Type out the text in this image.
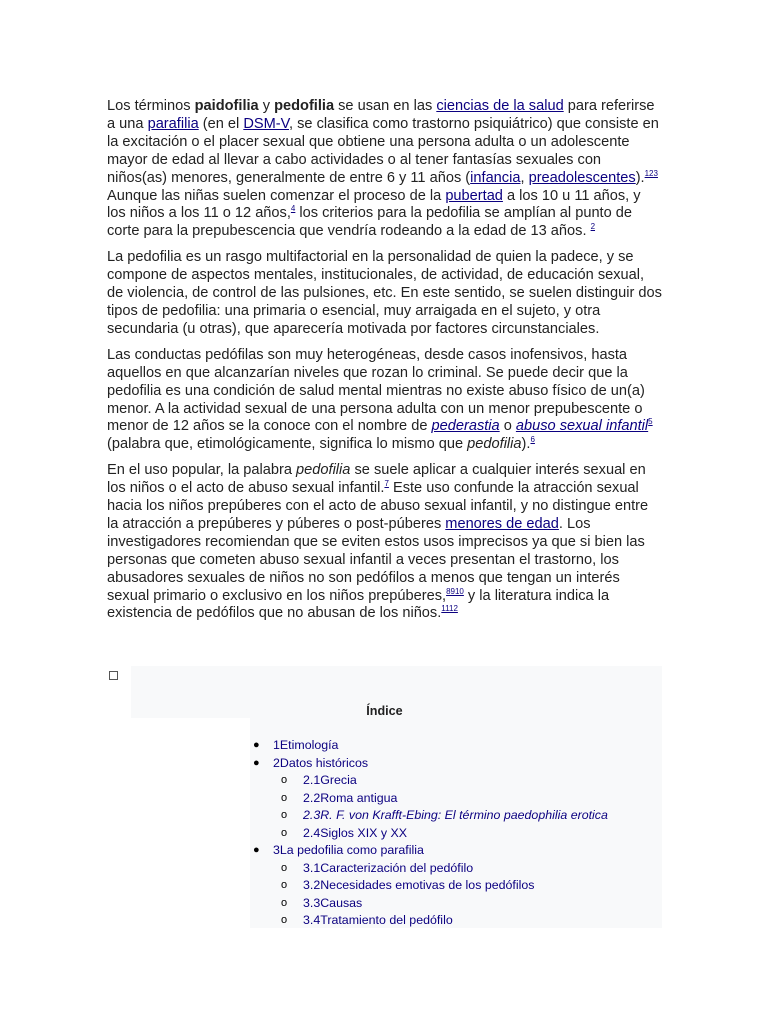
Los términos paidofilia y pedofilia se usan en las ciencias de la salud para referirse a una parafilia (en el DSM-V, se clasifica como trastorno psiquiátrico) que consiste en la excitación o el placer sexual que obtiene una persona adulta o un adolescente mayor de edad al llevar a cabo actividades o al tener fantasías sexuales con niños(as) menores, generalmente de entre 6 y 11 años (infancia, preadolescentes).$^{123}$ Aunque las niñas suelen comenzar el proceso de la pubertad a los 10 u 11 años, y los niños a los 11 o 12 años,$^4$ los criterios para la pedofilia se amplían al punto de corte para la prepubescencia que vendría rodeando a la edad de 13 años. $^2$

La pedofilia es un rasgo multifactorial en la personalidad de quien la padece, y se compone de aspectos mentales, institucionales, de actividad, de educación sexual, de violencia, de control de las pulsiones, etc. En este sentido, se suelen distinguir dos tipos de pedofilia: una primaria o esencial, muy arraigada en el sujeto, y otra secundaria (u otras), que aparecería motivada por factores circunstanciales.

Las conductas pedófilas son muy heterogéneas, desde casos inofensivos, hasta aquellos en que alcanzarían niveles que rozan lo criminal. Se puede decir que la pedofilia es una condición de salud mental mientras no existe abuso físico de un(a) menor. A la actividad sexual de una persona adulta con un menor prepubescente o menor de 12 años se la conoce con el nombre de pederastia o abuso sexual infantil$^5$ (palabra que, etimológicamente, significa lo mismo que pedofilia).$^6$

En el uso popular, la palabra pedofilia se suele aplicar a cualquier interés sexual en los niños o el acto de abuso sexual infantil.$^7$ Este uso confunde la atracción sexual hacia los niños prepúberes con el acto de abuso sexual infantil, y no distingue entre la atracción a prepúberes y púberes o post-púberes menores de edad. Los investigadores recomiendan que se eviten estos usos imprecisos ya que si bien las personas que cometen abuso sexual infantil a veces presentan el trastorno, los abusadores sexuales de niños no son pedófilos a menos que tengan un interés sexual primario o exclusivo en los niños prepúberes,$^{8910}$ y la literatura indica la existencia de pedófilos que no abusan de los niños.$^{1112}$

Índice
● 1Etimología
● 2Datos históricos
o 2.1Grecia
o 2.2Roma antigua
o 2.3R. F. von Krafft-Ebing: El término paedophilia erotica
o 2.4Siglos XIX y XX
● 3La pedofilia como parafilia
o 3.1Caracterización del pedófilo
o 3.2Necesidades emotivas de los pedófilos
o 3.3Causas
o 3.4Tratamiento del pedófilo
